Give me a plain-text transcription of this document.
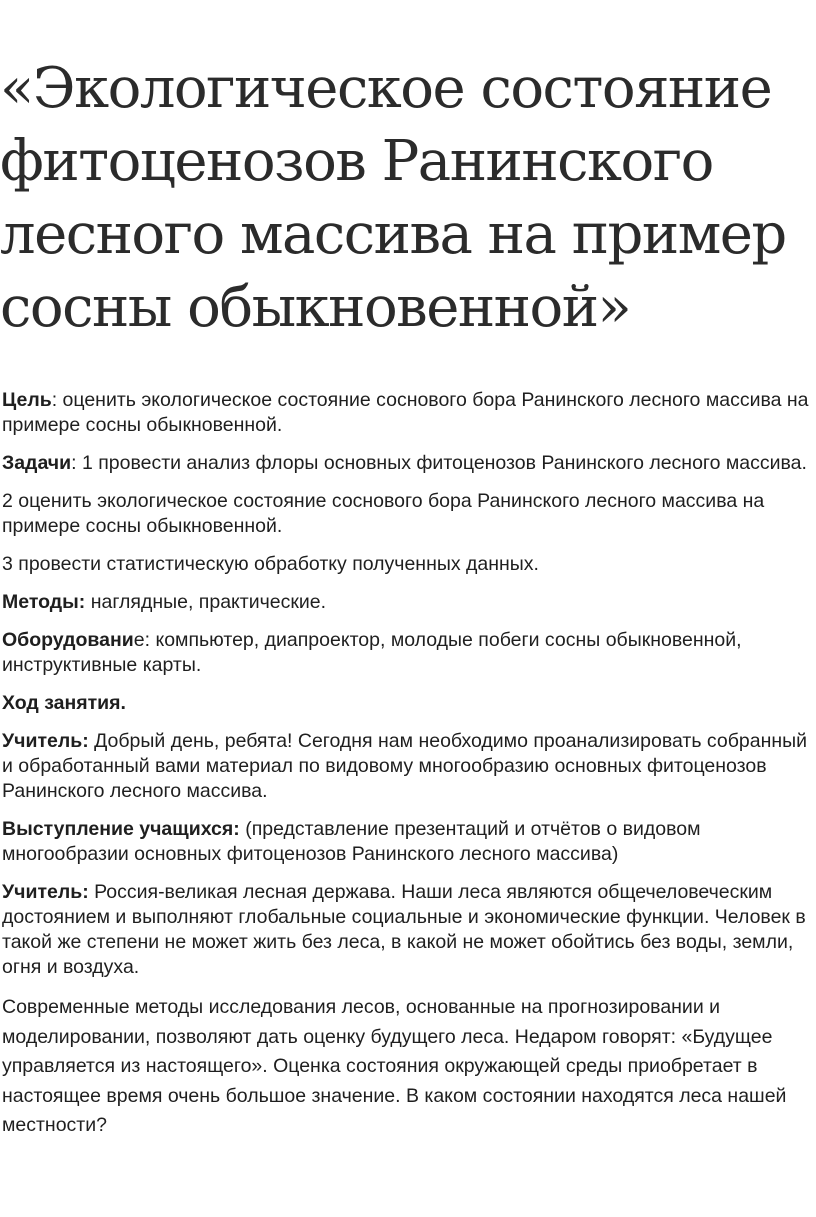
«Экологическое состояние
фитоценозов Ранинского
лесного массива на пример
сосны обыкновенной»

Цель: оценить экологическое состояние соснового бора Ранинского лесного массива на примере сосны обыкновенной.

Задачи: 1 провести анализ флоры основных фитоценозов Ранинского лесного массива.

2 оценить экологическое состояние соснового бора Ранинского лесного массива на примере сосны обыкновенной.

3 провести статистическую обработку полученных данных.

Методы: наглядные, практические.

Оборудование: компьютер, диапроектор, молодые побеги сосны обыкновенной, инструктивные карты.

Ход занятия.

Учитель: Добрый день, ребята! Сегодня нам необходимо проанализировать собранный и обработанный вами материал по видовому многообразию основных фитоценозов Ранинского лесного массива.

Выступление учащихся: (представление презентаций и отчётов о видовом многообразии основных фитоценозов Ранинского лесного массива)

Учитель: Россия-великая лесная держава. Наши леса являются общечеловеческим достоянием и выполняют глобальные социальные и экономические функции. Человек в такой же степени не может жить без леса, в какой не может обойтись без воды, земли, огня и воздуха.

Современные методы исследования лесов, основанные на прогнозировании и моделировании, позволяют дать оценку будущего леса. Недаром говорят: «Будущее управляется из настоящего». Оценка состояния окружающей среды приобретает в настоящее время очень большое значение. В каком состоянии находятся леса нашей местности?
